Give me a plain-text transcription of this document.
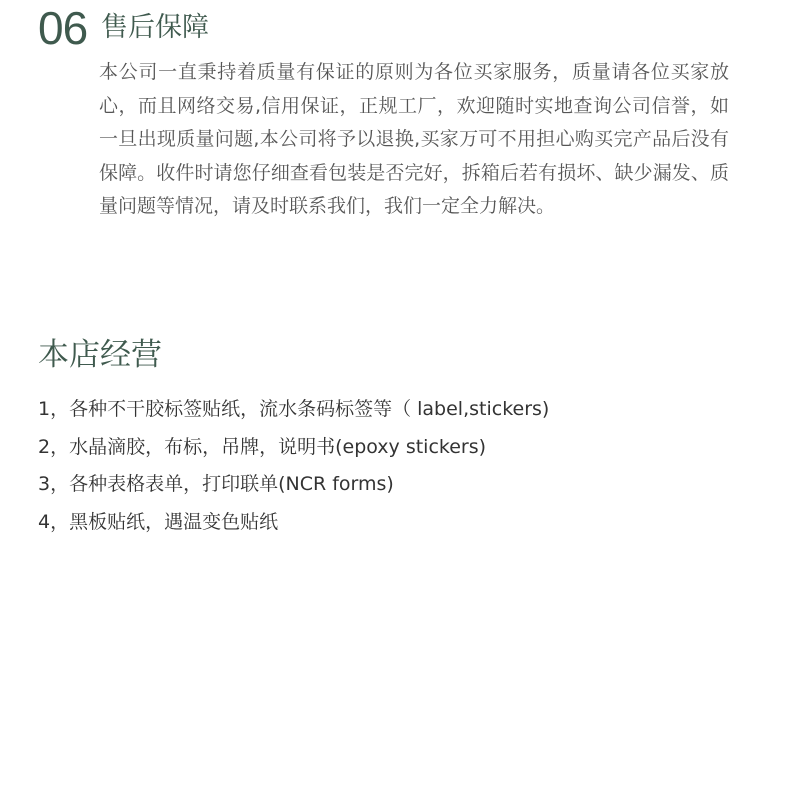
06 售后保障

本公司一直秉持着质量有保证的原则为各位买家服务，质量请各位买家放心，而且网络交易,信用保证，正规工厂，欢迎随时实地查询公司信誉，如一旦出现质量问题,本公司将予以退换,买家万可不用担心购买完产品后没有保障。收件时请您仔细查看包装是否完好，拆箱后若有损坏、缺少漏发、质量问题等情况，请及时联系我们，我们一定全力解决。

本店经营
1，各种不干胶标签贴纸，流水条码标签等（ label,stickers)
2，水晶滴胶，布标，吊牌，说明书(epoxy stickers)
3，各种表格表单，打印联单(NCR forms)
4，黑板贴纸，遇温变色贴纸
